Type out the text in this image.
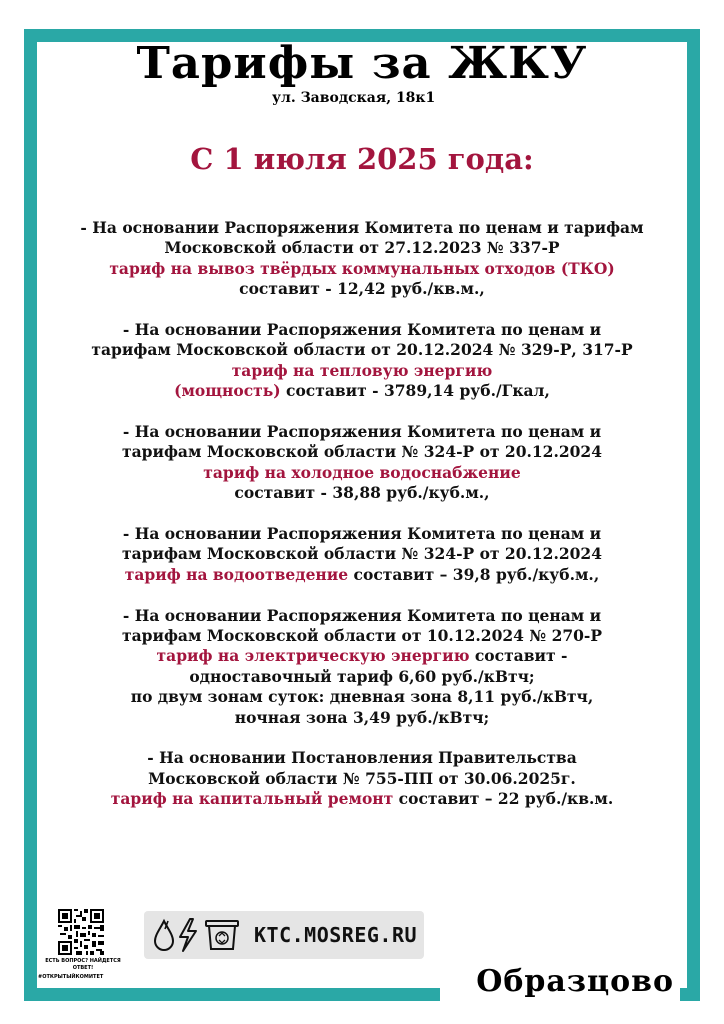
Тарифы за ЖКУ
ул. Заводская, 18к1
С 1 июля 2025 года:
- На основании Распоряжения Комитета по ценам и тарифам
Московской области от 27.12.2023 № 337-Р
тариф на вывоз твёрдых коммунальных отходов (ТКО)
составит - 12,42 руб./кв.м.,
- На основании Распоряжения Комитета по ценам и
тарифам Московской области от 20.12.2024 № 329-Р, 317-Р
тариф на тепловую энергию
(мощность) составит - 3789,14 руб./Гкал,
- На основании Распоряжения Комитета по ценам и
тарифам Московской области № 324-Р от 20.12.2024
тариф на холодное водоснабжение
составит - 38,88 руб./куб.м.,
- На основании Распоряжения Комитета по ценам и
тарифам Московской области № 324-Р от 20.12.2024
тариф на водоотведение составит – 39,8 руб./куб.м.,
- На основании Распоряжения Комитета по ценам и
тарифам Московской области от 10.12.2024 № 270-Р
тариф на электрическую энергию составит -
одноставочный тариф 6,60 руб./кВтч;
по двум зонам суток: дневная зона 8,11 руб./кВтч,
ночная зона 3,49 руб./кВтч;
- На основании Постановления Правительства
Московской области № 755-ПП от 30.06.2025г.
тариф на капитальный ремонт составит – 22 руб./кв.м.
ЕСТЬ ВОПРОС? НАЙДЕТСЯ ОТВЕТ!
#ОТКРЫТЫЙКОМИТЕТ
KTC.MOSREG.RU
Образцово
